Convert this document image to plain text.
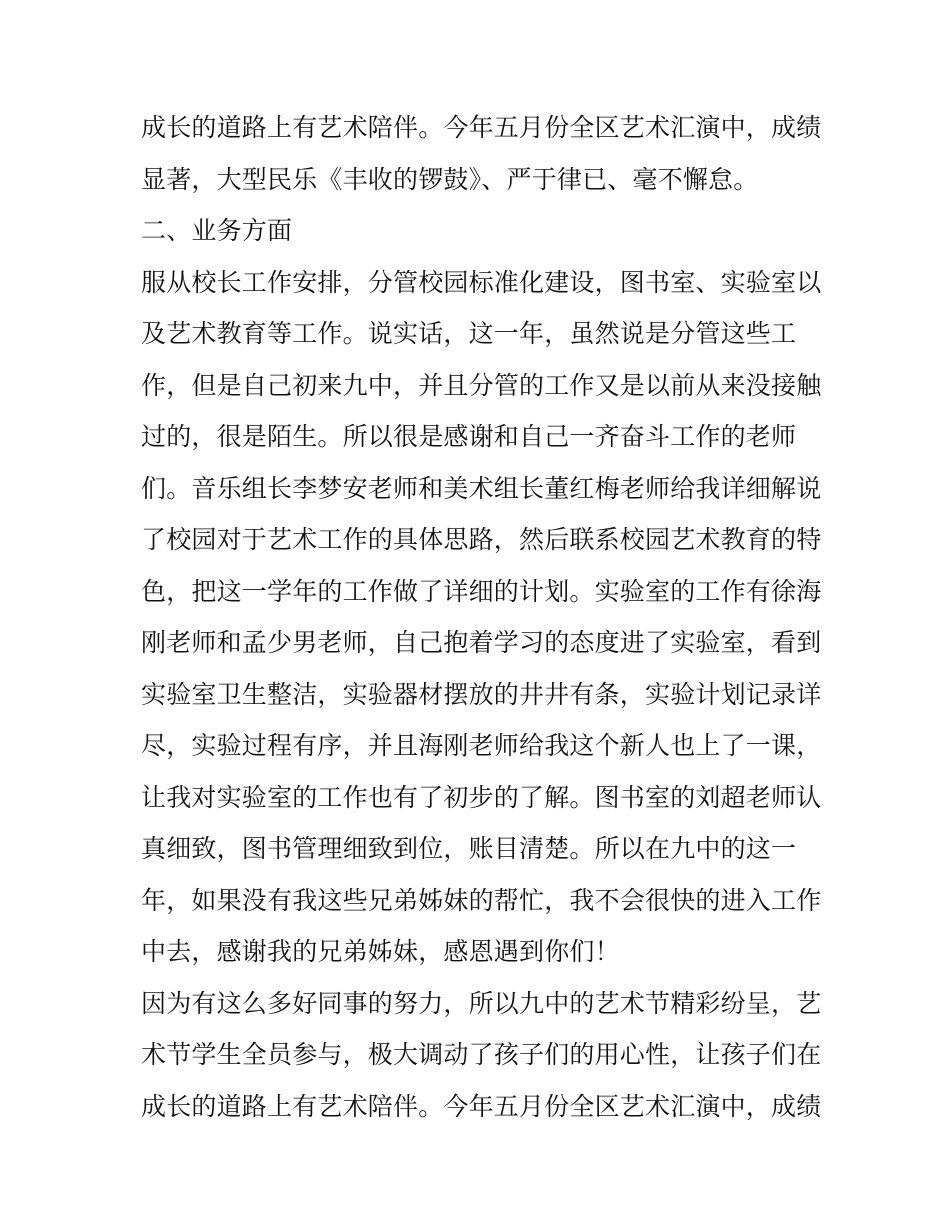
成长的道路上有艺术陪伴。今年五月份全区艺术汇演中，成绩
显著，大型民乐《丰收的锣鼓》、严于律已、毫不懈怠。
二、业务方面
服从校长工作安排，分管校园标准化建设，图书室、实验室以
及艺术教育等工作。说实话，这一年，虽然说是分管这些工
作，但是自己初来九中，并且分管的工作又是以前从来没接触
过的，很是陌生。所以很是感谢和自己一齐奋斗工作的老师
们。音乐组长李梦安老师和美术组长董红梅老师给我详细解说
了校园对于艺术工作的具体思路，然后联系校园艺术教育的特
色，把这一学年的工作做了详细的计划。实验室的工作有徐海
刚老师和孟少男老师，自己抱着学习的态度进了实验室，看到
实验室卫生整洁，实验器材摆放的井井有条，实验计划记录详
尽，实验过程有序，并且海刚老师给我这个新人也上了一课，
让我对实验室的工作也有了初步的了解。图书室的刘超老师认
真细致，图书管理细致到位，账目清楚。所以在九中的这一
年，如果没有我这些兄弟姊妹的帮忙，我不会很快的进入工作
中去，感谢我的兄弟姊妹，感恩遇到你们！
因为有这么多好同事的努力，所以九中的艺术节精彩纷呈，艺
术节学生全员参与，极大调动了孩子们的用心性，让孩子们在
成长的道路上有艺术陪伴。今年五月份全区艺术汇演中，成绩
